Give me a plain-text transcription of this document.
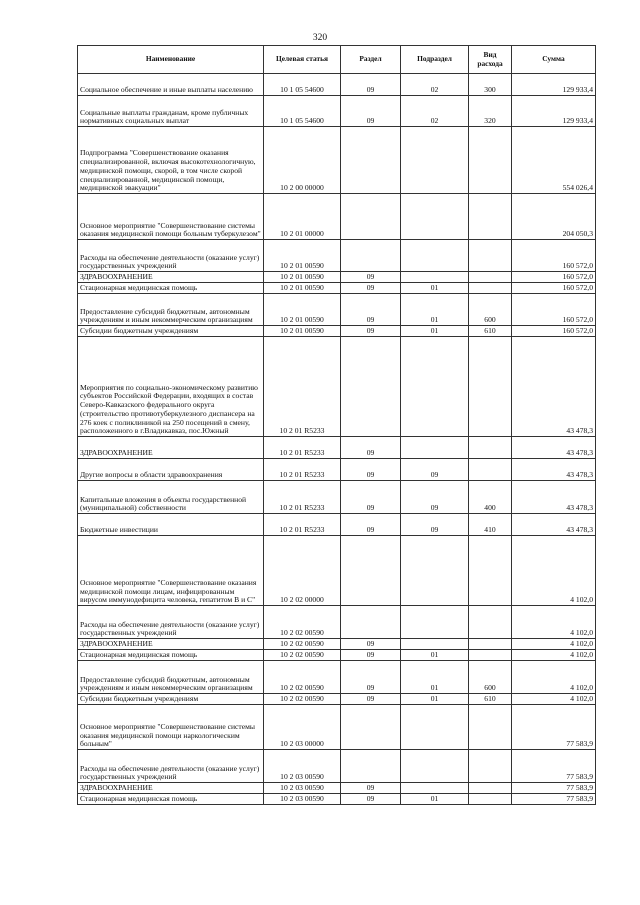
320
Наименование	Целевая статья	Раздел	Подраздел	Вид расхода	Сумма
Социальное обеспечение и иные выплаты населению	10 1 05 54600	09	02	300	129 933,4
Социальные выплаты гражданам, кроме публичных нормативных социальных выплат	10 1 05 54600	09	02	320	129 933,4
Подпрограмма "Совершенствование оказания специализированной, включая высокотехнологичную, медицинской помощи, скорой, в том числе скорой специализированной, медицинской помощи, медицинской эвакуации"	10 2 00 00000				554 026,4
Основное мероприятие "Совершенствование системы оказания медицинской помощи больным туберкулезом"	10 2 01 00000				204 050,3
Расходы на обеспечение деятельности (оказание услуг) государственных учреждений	10 2 01 00590				160 572,0
ЗДРАВООХРАНЕНИЕ	10 2 01 00590	09			160 572,0
Стационарная медицинская помощь	10 2 01 00590	09	01		160 572,0
Предоставление субсидий бюджетным, автономным учреждениям и иным некоммерческим организациям	10 2 01 00590	09	01	600	160 572,0
Субсидии бюджетным учреждениям	10 2 01 00590	09	01	610	160 572,0
Мероприятия по социально-экономическому развитию субъектов Российской Федерации, входящих в состав Северо-Кавказского федерального округа (строительство противотуберкулезного диспансера на 276 коек с поликлиникой на 250 посещений в смену, расположенного в г.Владикавказ, пос.Южный	10 2 01 R5233				43 478,3
ЗДРАВООХРАНЕНИЕ	10 2 01 R5233	09			43 478,3
Другие вопросы в области здравоохранения	10 2 01 R5233	09	09		43 478,3
Капитальные вложения в объекты государственной (муниципальной) собственности	10 2 01 R5233	09	09	400	43 478,3
Бюджетные инвестиции	10 2 01 R5233	09	09	410	43 478,3
Основное мероприятие "Совершенствование оказания медицинской помощи лицам, инфицированным вирусом иммунодефицита человека, гепатитом В и С"	10 2 02 00000				4 102,0
Расходы на обеспечение деятельности (оказание услуг) государственных учреждений	10 2 02 00590				4 102,0
ЗДРАВООХРАНЕНИЕ	10 2 02 00590	09			4 102,0
Стационарная медицинская помощь	10 2 02 00590	09	01		4 102,0
Предоставление субсидий бюджетным, автономным учреждениям и иным некоммерческим организациям	10 2 02 00590	09	01	600	4 102,0
Субсидии бюджетным учреждениям	10 2 02 00590	09	01	610	4 102,0
Основное мероприятие "Совершенствование системы оказания медицинской помощи наркологическим больным"	10 2 03 00000				77 583,9
Расходы на обеспечение деятельности (оказание услуг) государственных учреждений	10 2 03 00590				77 583,9
ЗДРАВООХРАНЕНИЕ	10 2 03 00590	09			77 583,9
Стационарная медицинская помощь	10 2 03 00590	09	01		77 583,9
